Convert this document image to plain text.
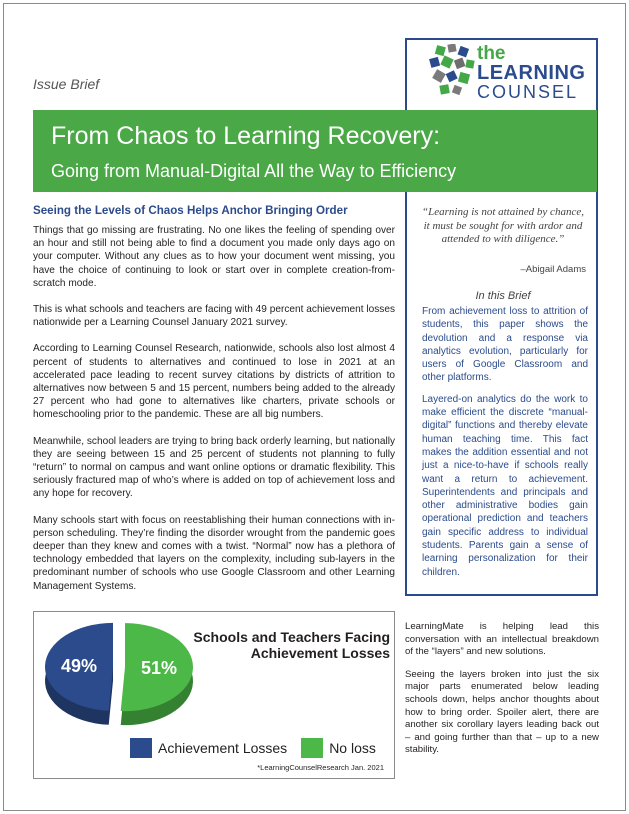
Issue Brief
the
LEARNING
COUNSEL
From Chaos to Learning Recovery:
Going from Manual-Digital All the Way to Efficiency
Seeing the Levels of Chaos Helps Anchor Bringing Order

Things that go missing are frustrating. No one likes the feeling of spending over an hour and still not being able to find a document you made only days ago on your computer. Without any clues as to how your document went missing, you have the choice of continuing to look or start over in complete creation-from-scratch mode.

This is what schools and teachers are facing with 49 percent achievement losses nationwide per a Learning Counsel January 2021 survey.

According to Learning Counsel Research, nationwide, schools also lost almost 4 percent of students to alternatives and continued to lose in 2021 at an accelerated pace leading to recent survey citations by districts of attrition to alternatives now between 5 and 15 percent, numbers being added to the already 27 percent who had gone to alternatives like charters, private schools or homeschooling prior to the pandemic. These are all big numbers.

Meanwhile, school leaders are trying to bring back orderly learning, but nationally they are seeing between 15 and 25 percent of students not planning to fully “return” to normal on campus and want online options or dramatic flexibility. This seriously fractured map of who’s where is added on top of achievement loss and any hope for recovery.

Many schools start with focus on reestablishing their human connections with in-person scheduling. They’re finding the disorder wrought from the pandemic goes deeper than they knew and comes with a twist. “Normal” now has a plethora of technology embedded that layers on the complexity, including sub-layers in the predominant number of schools who use Google Classroom and other Learning Management Systems.

“Learning is not attained by chance, it must be sought for with ardor and attended to with diligence.”
–Abigail Adams
In this Brief

From achievement loss to attrition of students, this paper shows the devolution and a response via analytics evolution, particularly for users of Google Classroom and other platforms.

Layered-on analytics do the work to make efficient the discrete “manual-digital” functions and thereby elevate human teaching time. This fact makes the addition essential and not just a nice-to-have if schools really want a return to achievement. Superintendents and principals and other administrative bodies gain operational prediction and teachers gain specific address to individual students. Parents gain a sense of learning personalization for their children.

LearningMate is helping lead this conversation with an intellectual breakdown of the “layers” and new solutions.

Seeing the layers broken into just the six major parts enumerated below leading schools down, helps anchor thoughts about how to bring order. Spoiler alert, there are another six corollary layers leading back out – and going further than that – up to a new stability.

49% 51%
Schools and Teachers Facing Achievement Losses
Achievement Losses	No loss
*LearningCounselResearch Jan. 2021
